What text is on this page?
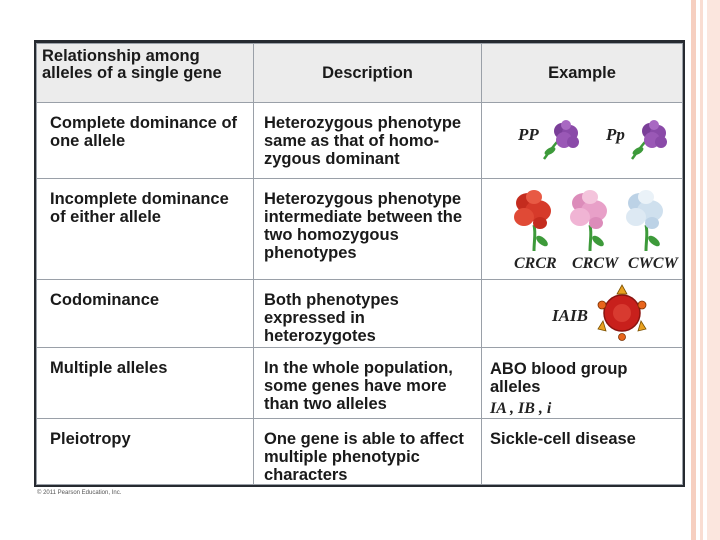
Relationship among alleles of a single gene	Description	Example
Complete dominance of one allele	Heterozygous phenotype same as that of homo-zygous dominant	PP Pp

Incomplete dominance of either allele	Heterozygous phenotype intermediate between the two homozygous phenotypes	CRCR CRCW CWCW

Codominance	Both phenotypes expressed in heterozygotes	IAIB

Multiple alleles	In the whole population, some genes have more than two alleles	ABO blood group alleles
IA , IB , i

Pleiotropy	One gene is able to affect multiple phenotypic characters	Sickle-cell disease
© 2011 Pearson Education, Inc.
